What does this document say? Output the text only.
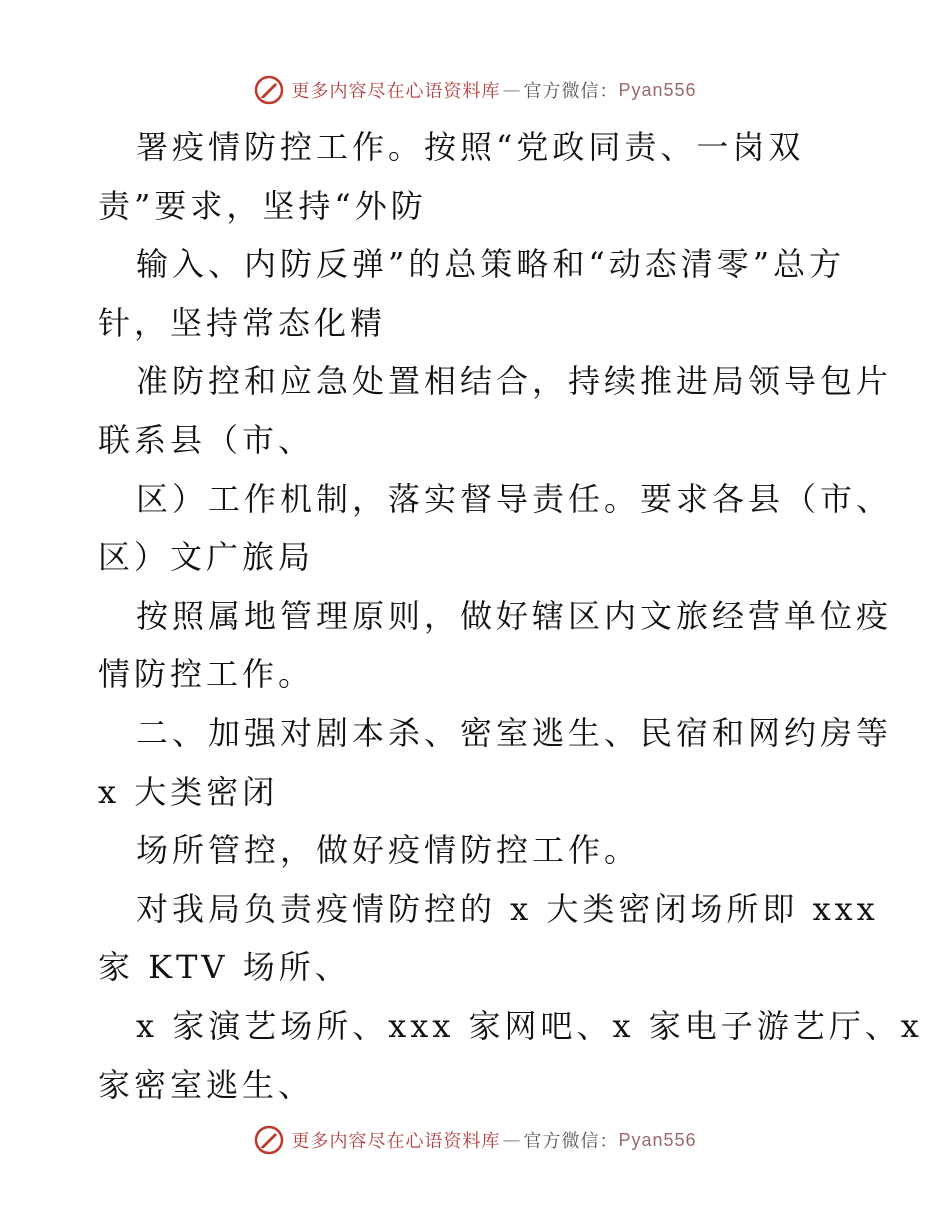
更多内容尽在心语资料库 — 官方微信： Pyan556
署疫情防控工作。按照“党政同责、一岗双
责”要求，坚持“外防
输入、内防反弹”的总策略和“动态清零”总方
针，坚持常态化精
准防控和应急处置相结合，持续推进局领导包片
联系县（市、
区）工作机制，落实督导责任。要求各县（市、
区）文广旅局
按照属地管理原则，做好辖区内文旅经营单位疫
情防控工作。
二、加强对剧本杀、密室逃生、民宿和网约房等
x 大类密闭
场所管控，做好疫情防控工作。
对我局负责疫情防控的 x 大类密闭场所即 xxx
家 KTV 场所、
x 家演艺场所、xxx 家网吧、x 家电子游艺厅、x
家密室逃生、
更多内容尽在心语资料库 — 官方微信： Pyan556
